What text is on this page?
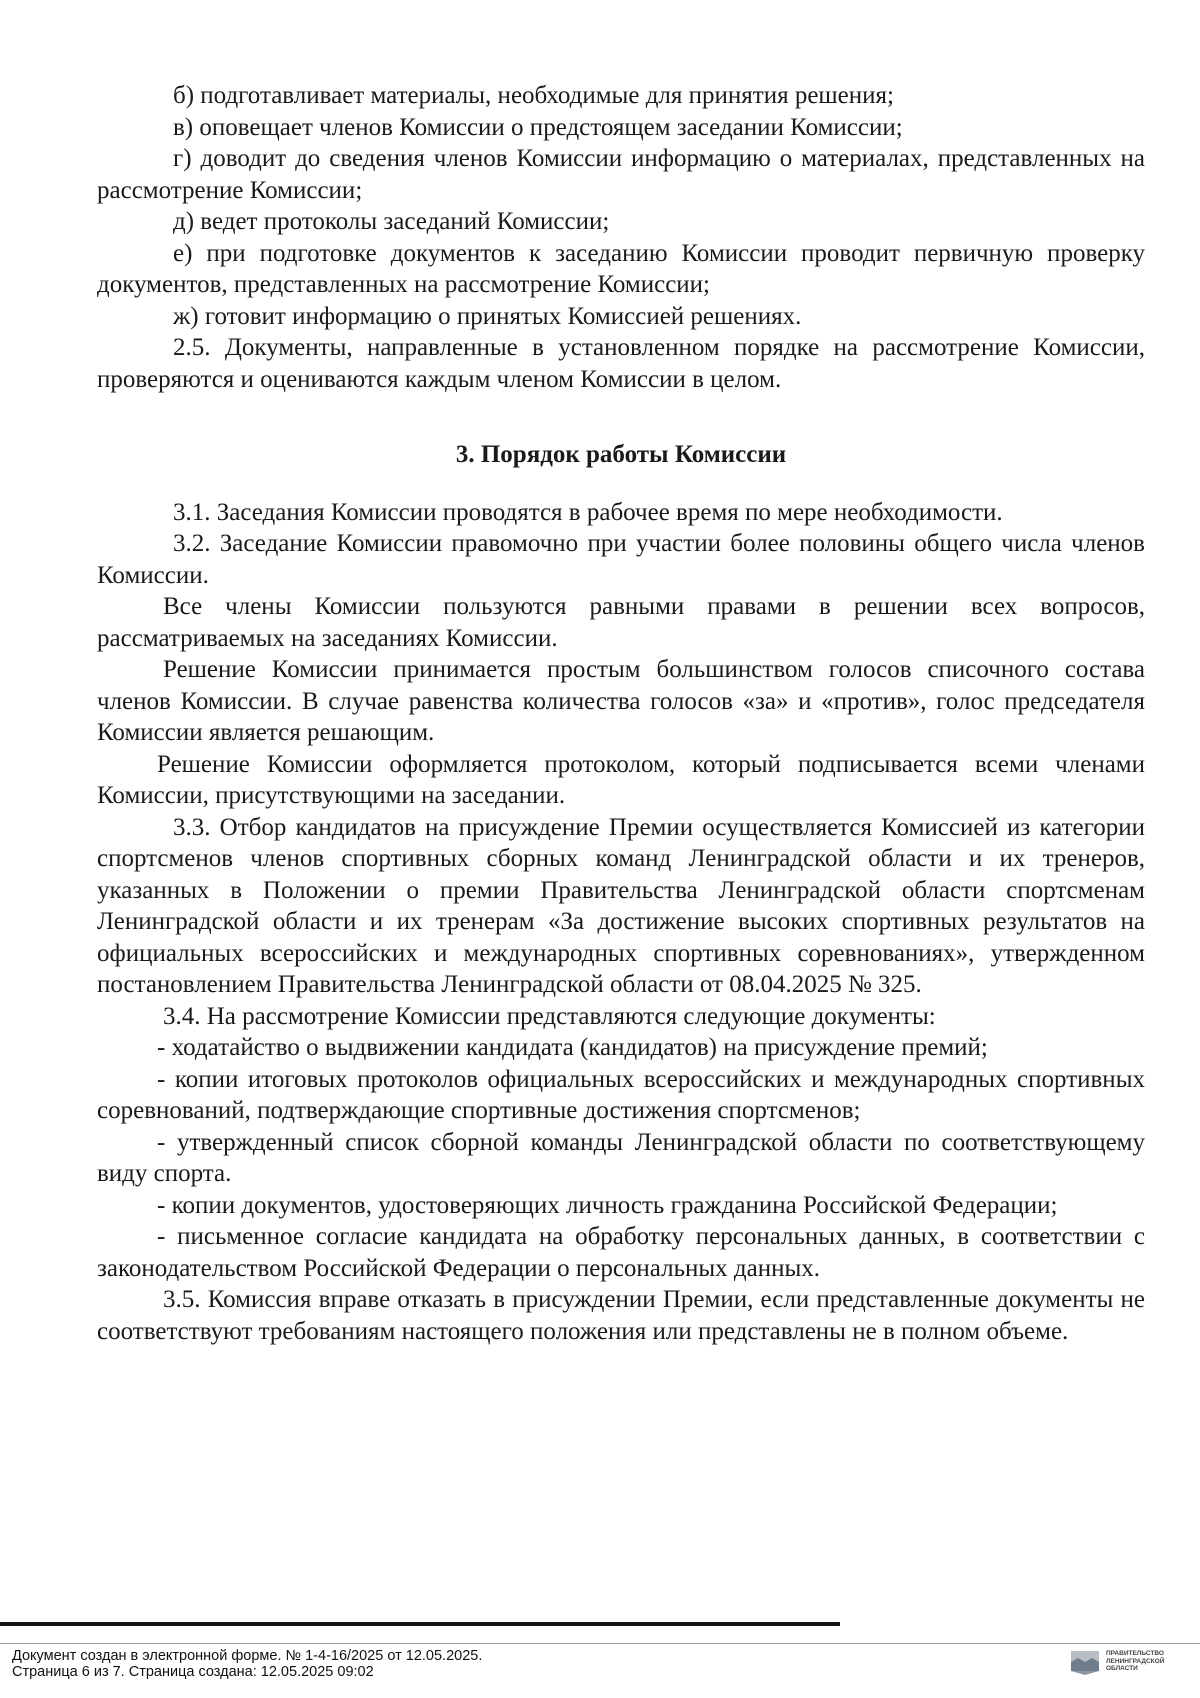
б) подготавливает материалы, необходимые для принятия решения;

в) оповещает членов Комиссии о предстоящем заседании Комиссии;

г) доводит до сведения членов Комиссии информацию о материалах, представленных на рассмотрение Комиссии;

д) ведет протоколы заседаний Комиссии;

е) при подготовке документов к заседанию Комиссии проводит первичную проверку документов, представленных на рассмотрение Комиссии;

ж) готовит информацию о принятых Комиссией решениях.

2.5. Документы, направленные в установленном порядке на рассмотрение Комиссии, проверяются и оцениваются каждым членом Комиссии в целом.

3. Порядок работы Комиссии

3.1. Заседания Комиссии проводятся в рабочее время по мере необходимости.

3.2. Заседание Комиссии правомочно при участии более половины общего числа членов Комиссии.

Все члены Комиссии пользуются равными правами в решении всех вопросов, рассматриваемых на заседаниях Комиссии.

Решение Комиссии принимается простым большинством голосов списочного состава членов Комиссии. В случае равенства количества голосов «за» и «против», голос председателя Комиссии является решающим.

Решение Комиссии оформляется протоколом, который подписывается всеми членами Комиссии, присутствующими на заседании.

3.3. Отбор кандидатов на присуждение Премии осуществляется Комиссией из категории спортсменов членов спортивных сборных команд Ленинградской области и их тренеров, указанных в Положении о премии Правительства Ленинградской области спортсменам Ленинградской области и их тренерам «За достижение высоких спортивных результатов на официальных всероссийских и международных спортивных соревнованиях», утвержденном постановлением Правительства Ленинградской области от 08.04.2025 № 325.

3.4. На рассмотрение Комиссии представляются следующие документы:

- ходатайство о выдвижении кандидата (кандидатов) на присуждение премий;

- копии итоговых протоколов официальных всероссийских и международных спортивных соревнований, подтверждающие спортивные достижения спортсменов;

- утвержденный список сборной команды Ленинградской области по соответствующему виду спорта.

- копии документов, удостоверяющих личность гражданина Российской Федерации;

- письменное согласие кандидата на обработку персональных данных, в соответствии с законодательством Российской Федерации о персональных данных.

3.5. Комиссия вправе отказать в присуждении Премии, если представленные документы не соответствуют требованиям настоящего положения или представлены не в полном объеме.

Документ создан в электронной форме. № 1-4-16/2025 от 12.05.2025.
Страница 6 из 7. Страница создана: 12.05.2025 09:02
ПРАВИТЕЛЬСТВО
ЛЕНИНГРАДСКОЙ
ОБЛАСТИ
